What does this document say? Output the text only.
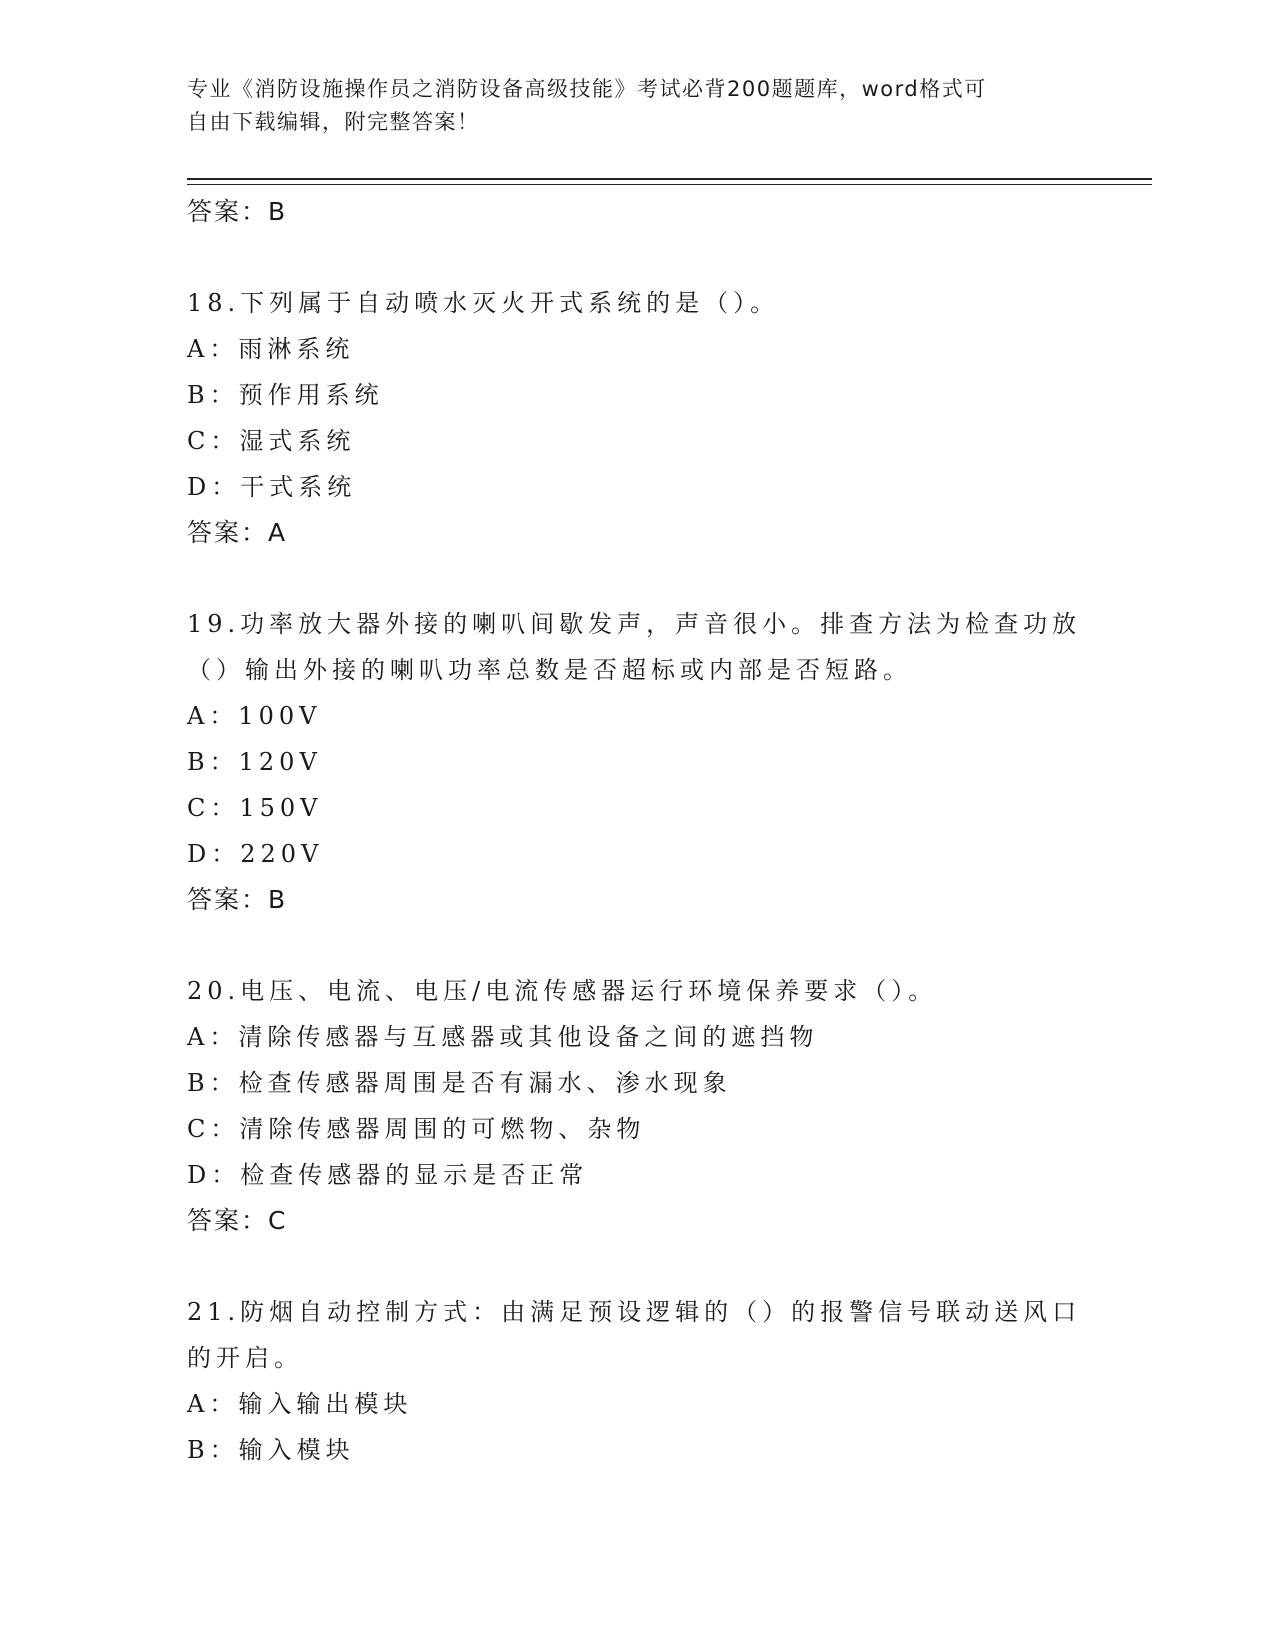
专业《消防设施操作员之消防设备高级技能》考试必背200题题库，word格式可
自由下载编辑，附完整答案！
答案：B
18.下列属于自动喷水灭火开式系统的是（）。
A：雨淋系统
B：预作用系统
C：湿式系统
D：干式系统
答案：A
19.功率放大器外接的喇叭间歇发声，声音很小。排查方法为检查功放
（）输出外接的喇叭功率总数是否超标或内部是否短路。
A：100V
B：120V
C：150V
D：220V
答案：B
20.电压、电流、电压/电流传感器运行环境保养要求（）。
A：清除传感器与互感器或其他设备之间的遮挡物
B：检查传感器周围是否有漏水、渗水现象
C：清除传感器周围的可燃物、杂物
D：检查传感器的显示是否正常
答案：C
21.防烟自动控制方式：由满足预设逻辑的（）的报警信号联动送风口
的开启。
A：输入输出模块
B：输入模块
